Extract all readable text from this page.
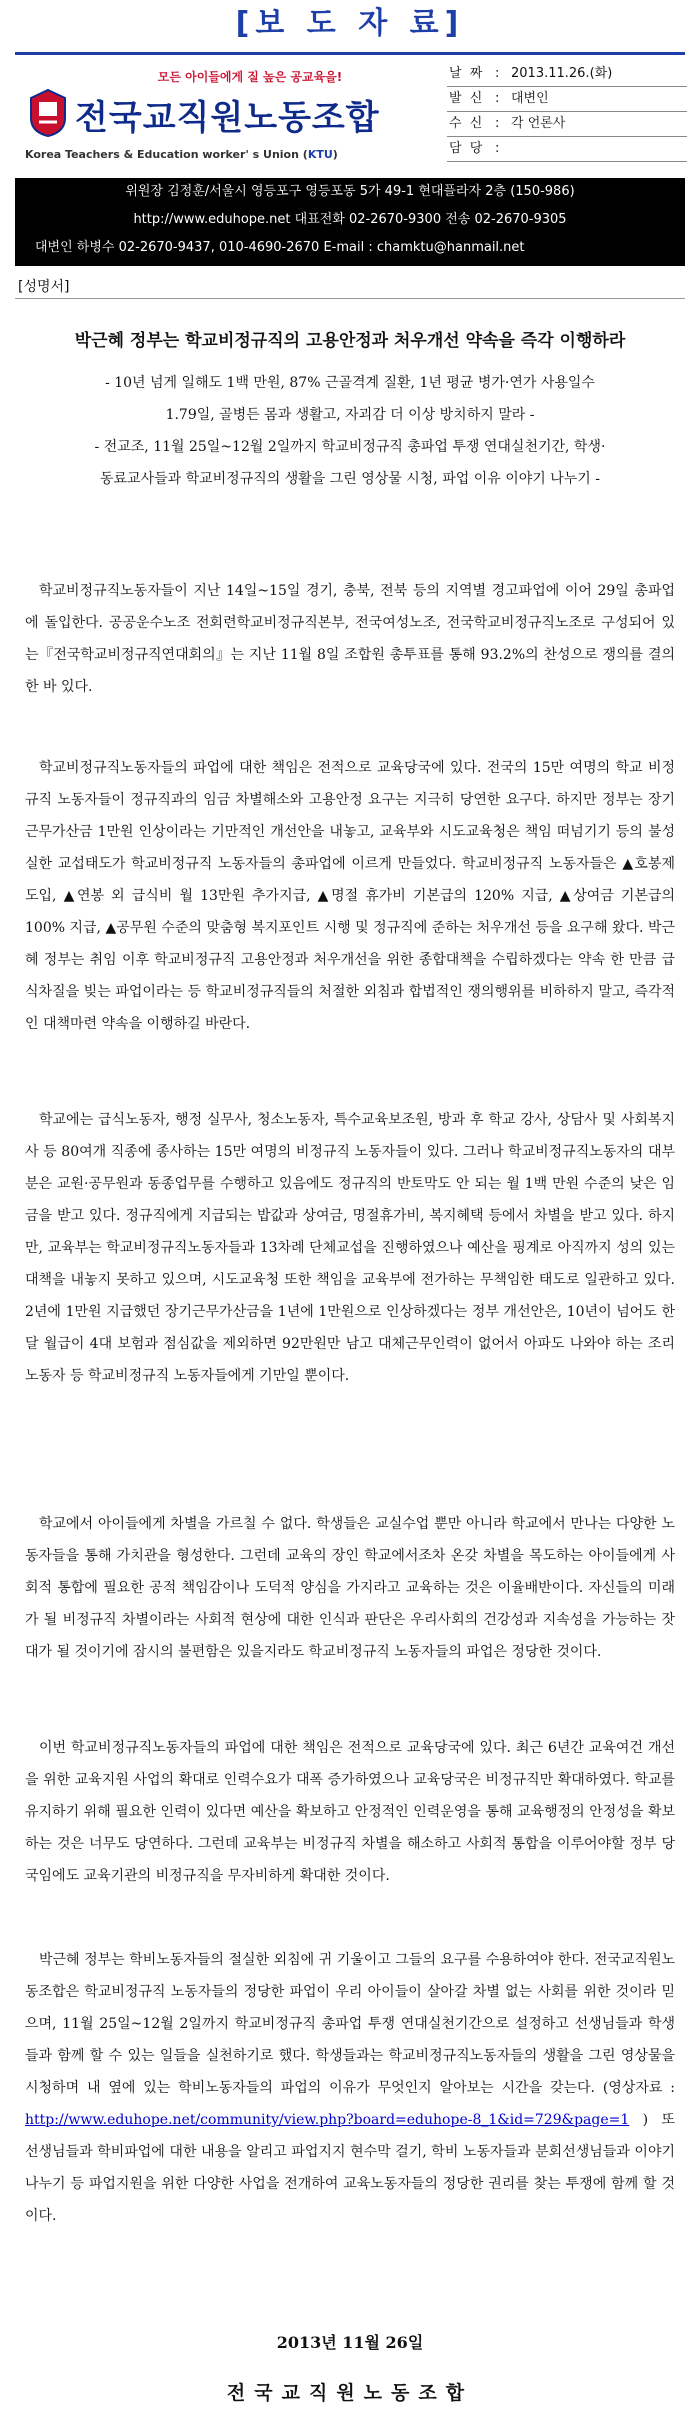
[보 도 자 료]
모든 아이들에게 질 높은 공교육을!
전국교직원노동조합
Korea Teachers & Education worker' s Union (KTU)
날 짜 : 2013.11.26.(화)
발 신 : 대변인
수 신 : 각 언론사
담 당 :
위원장 김정훈/서울시 영등포구 영등포동 5가 49-1 현대플라자 2층 (150-986)
http://www.eduhope.net 대표전화 02-2670-9300 전송 02-2670-9305
대변인 하병수 02-2670-9437, 010-4690-2670 E-mail : chamktu@hanmail.net
[성명서]
박근혜 정부는 학교비정규직의 고용안정과 처우개선 약속을 즉각 이행하라
- 10년 넘게 일해도 1백 만원, 87% 근골격계 질환, 1년 평균 병가·연가 사용일수
1.79일, 골병든 몸과 생활고, 자괴감 더 이상 방치하지 말라 -
- 전교조, 11월 25일~12월 2일까지 학교비정규직 총파업 투쟁 연대실천기간, 학생·
동료교사들과 학교비정규직의 생활을 그린 영상물 시청, 파업 이유 이야기 나누기 -
학교비정규직노동자들이 지난 14일~15일 경기, 충북, 전북 등의 지역별 경고파업에 이어 29일 총파업에 돌입한다. 공공운수노조 전회련학교비정규직본부, 전국여성노조, 전국학교비정규직노조로 구성되어 있는『전국학교비정규직연대회의』는 지난 11월 8일 조합원 총투표를 통해 93.2%의 찬성으로 쟁의를 결의한 바 있다.
학교비정규직노동자들의 파업에 대한 책임은 전적으로 교육당국에 있다. 전국의 15만 여명의 학교 비정규직 노동자들이 정규직과의 임금 차별해소와 고용안정 요구는 지극히 당연한 요구다. 하지만 정부는 장기근무가산금 1만원 인상이라는 기만적인 개선안을 내놓고, 교육부와 시도교육청은 책임 떠넘기기 등의 불성실한 교섭태도가 학교비정규직 노동자들의 총파업에 이르게 만들었다. 학교비정규직 노동자들은 ▲호봉제 도입, ▲연봉 외 급식비 월 13만원 추가지급, ▲명절 휴가비 기본급의 120% 지급, ▲상여금 기본급의 100% 지급, ▲공무원 수준의 맞춤형 복지포인트 시행 및 정규직에 준하는 처우개선 등을 요구해 왔다. 박근혜 정부는 취임 이후 학교비정규직 고용안정과 처우개선을 위한 종합대책을 수립하겠다는 약속 한 만큼 급식차질을 빚는 파업이라는 등 학교비정규직들의 처절한 외침과 합법적인 쟁의행위를 비하하지 말고, 즉각적인 대책마련 약속을 이행하길 바란다.
학교에는 급식노동자, 행정 실무사, 청소노동자, 특수교육보조원, 방과 후 학교 강사, 상담사 및 사회복지사 등 80여개 직종에 종사하는 15만 여명의 비정규직 노동자들이 있다. 그러나 학교비정규직노동자의 대부분은 교원·공무원과 동종업무를 수행하고 있음에도 정규직의 반토막도 안 되는 월 1백 만원 수준의 낮은 임금을 받고 있다. 정규직에게 지급되는 밥값과 상여금, 명절휴가비, 복지혜택 등에서 차별을 받고 있다. 하지만, 교육부는 학교비정규직노동자들과 13차례 단체교섭을 진행하였으나 예산을 핑계로 아직까지 성의 있는 대책을 내놓지 못하고 있으며, 시도교육청 또한 책임을 교육부에 전가하는 무책임한 태도로 일관하고 있다. 2년에 1만원 지급했던 장기근무가산금을 1년에 1만원으로 인상하겠다는 정부 개선안은, 10년이 넘어도 한 달 월급이 4대 보험과 점심값을 제외하면 92만원만 남고 대체근무인력이 없어서 아파도 나와야 하는 조리노동자 등 학교비정규직 노동자들에게 기만일 뿐이다.
학교에서 아이들에게 차별을 가르칠 수 없다. 학생들은 교실수업 뿐만 아니라 학교에서 만나는 다양한 노동자들을 통해 가치관을 형성한다. 그런데 교육의 장인 학교에서조차 온갖 차별을 목도하는 아이들에게 사회적 통합에 필요한 공적 책임감이나 도덕적 양심을 가지라고 교육하는 것은 이율배반이다. 자신들의 미래가 될 비정규직 차별이라는 사회적 현상에 대한 인식과 판단은 우리사회의 건강성과 지속성을 가능하는 잣대가 될 것이기에 잠시의 불편함은 있을지라도 학교비정규직 노동자들의 파업은 정당한 것이다.
이번 학교비정규직노동자들의 파업에 대한 책임은 전적으로 교육당국에 있다. 최근 6년간 교육여건 개선을 위한 교육지원 사업의 확대로 인력수요가 대폭 증가하였으나 교육당국은 비정규직만 확대하였다. 학교를 유지하기 위해 필요한 인력이 있다면 예산을 확보하고 안정적인 인력운영을 통해 교육행정의 안정성을 확보하는 것은 너무도 당연하다. 그런데 교육부는 비정규직 차별을 해소하고 사회적 통합을 이루어야할 정부 당국임에도 교육기관의 비정규직을 무자비하게 확대한 것이다.
박근혜 정부는 학비노동자들의 절실한 외침에 귀 기울이고 그들의 요구를 수용하여야 한다. 전국교직원노동조합은 학교비정규직 노동자들의 정당한 파업이 우리 아이들이 살아갈 차별 없는 사회를 위한 것이라 믿으며, 11월 25일~12월 2일까지 학교비정규직 총파업 투쟁 연대실천기간으로 설정하고 선생님들과 학생들과 함께 할 수 있는 일들을 실천하기로 했다. 학생들과는 학교비정규직노동자들의 생활을 그린 영상물을 시청하며 내 옆에 있는 학비노동자들의 파업의 이유가 무엇인지 알아보는 시간을 갖는다. (영상자료 : http://www.eduhope.net/community/view.php?board=eduhope-8_1&id=729&page=1 ) 또 선생님들과 학비파업에 대한 내용을 알리고 파업지지 현수막 걸기, 학비 노동자들과 분회선생님들과 이야기 나누기 등 파업지원을 위한 다양한 사업을 전개하여 교육노동자들의 정당한 권리를 찾는 투쟁에 함께 할 것이다.
2013년 11월 26일
전국교직원노동조합
